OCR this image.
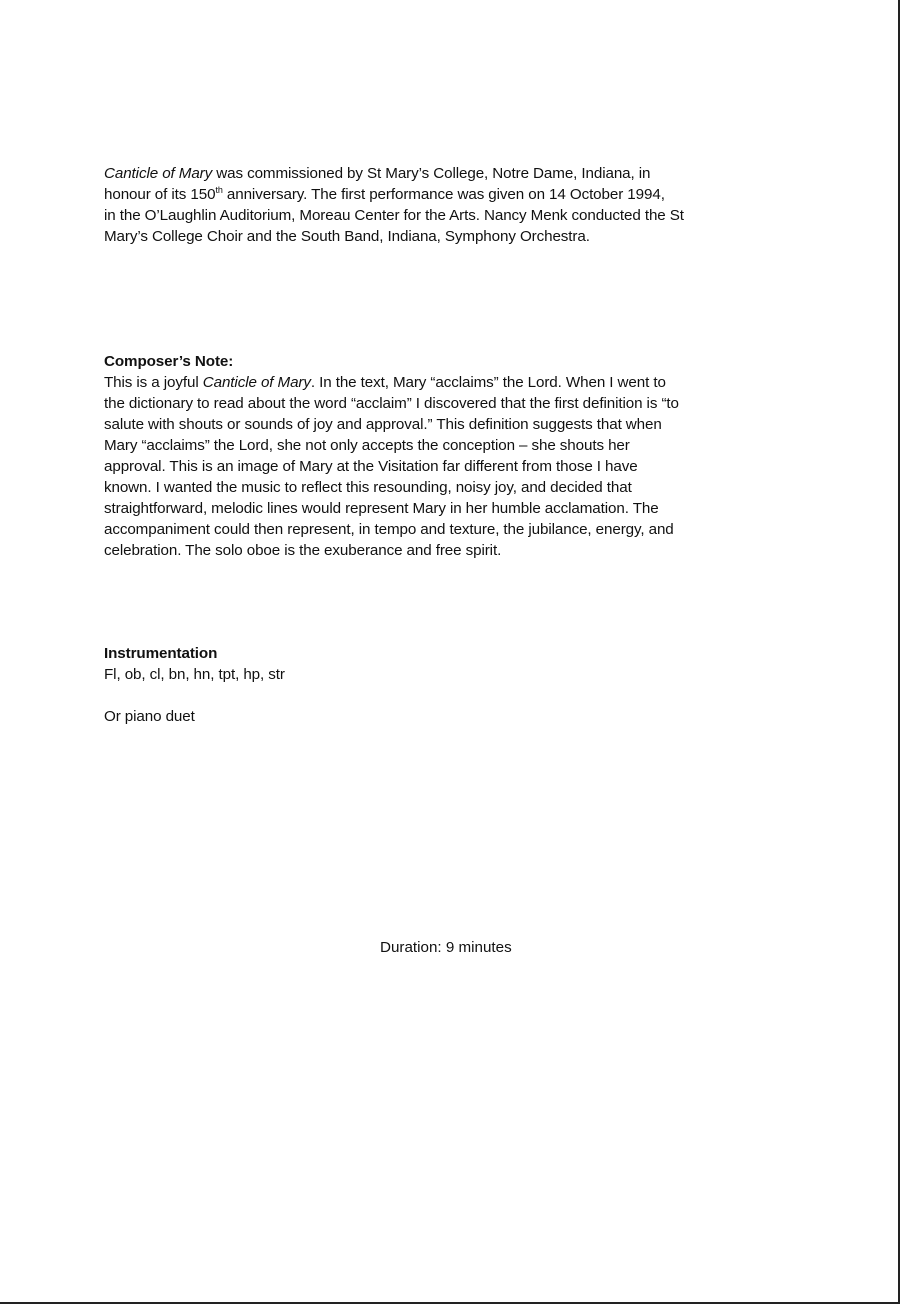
Canticle of Mary was commissioned by St Mary’s College, Notre Dame, Indiana, in
honour of its 150th anniversary. The first performance was given on 14 October 1994,
in the O’Laughlin Auditorium, Moreau Center for the Arts. Nancy Menk conducted the St
Mary’s College Choir and the South Band, Indiana, Symphony Orchestra.
Composer’s Note:
This is a joyful Canticle of Mary. In the text, Mary “acclaims” the Lord. When I went to
the dictionary to read about the word “acclaim” I discovered that the first definition is “to
salute with shouts or sounds of joy and approval.” This definition suggests that when
Mary “acclaims” the Lord, she not only accepts the conception – she shouts her
approval. This is an image of Mary at the Visitation far different from those I have
known. I wanted the music to reflect this resounding, noisy joy, and decided that
straightforward, melodic lines would represent Mary in her humble acclamation. The
accompaniment could then represent, in tempo and texture, the jubilance, energy, and
celebration. The solo oboe is the exuberance and free spirit.
Instrumentation
Fl, ob, cl, bn, hn, tpt, hp, str
Or piano duet
Duration: 9 minutes
